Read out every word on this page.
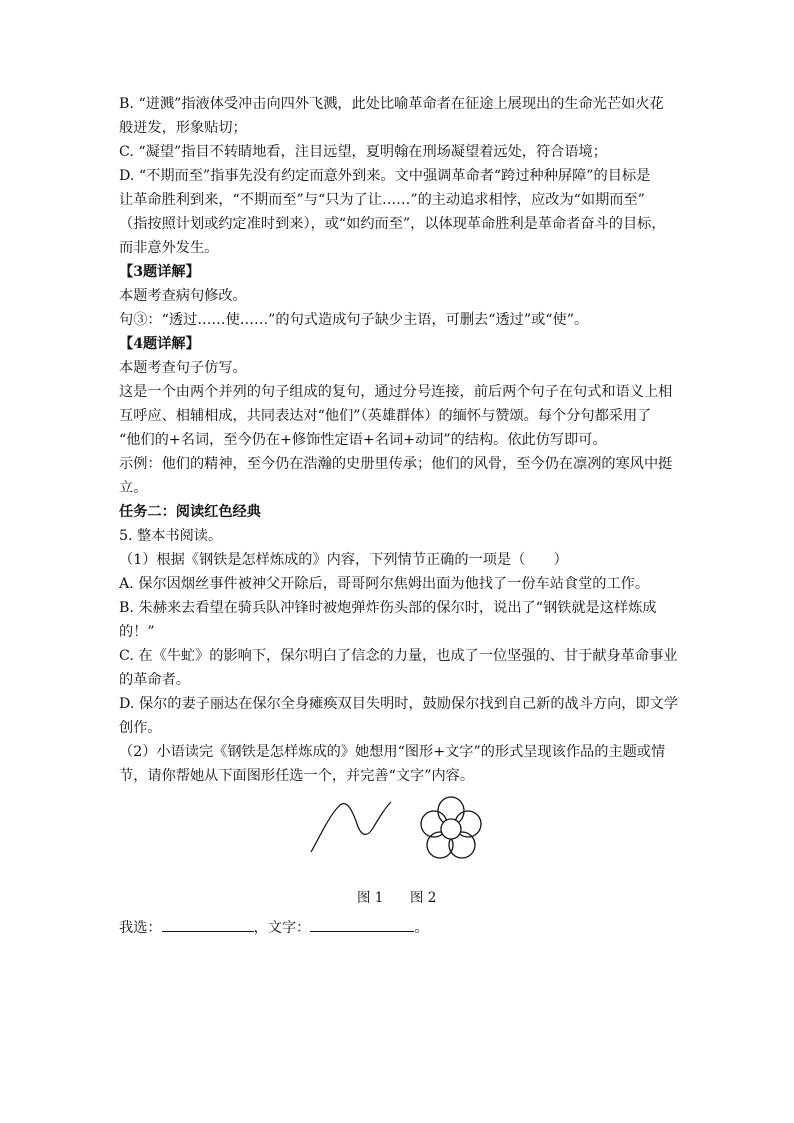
B. “迸溅”指液体受冲击向四外飞溅，此处比喻革命者在征途上展现出的生命光芒如火花
般迸发，形象贴切；
C. “凝望”指目不转睛地看，注目远望，夏明翰在刑场凝望着远处，符合语境；
D. “不期而至”指事先没有约定而意外到来。文中强调革命者“跨过种种屏障”的目标是
让革命胜利到来，“不期而至”与“只为了让……”的主动追求相悖，应改为“如期而至”
（指按照计划或约定准时到来），或“如约而至”，以体现革命胜利是革命者奋斗的目标，
而非意外发生。
【3题详解】
本题考查病句修改。
句③：“透过……使……”的句式造成句子缺少主语，可删去“透过”或“使”。
【4题详解】
本题考查句子仿写。
这是一个由两个并列的句子组成的复句，通过分号连接，前后两个句子在句式和语义上相
互呼应、相辅相成，共同表达对“他们”（英雄群体）的缅怀与赞颂。每个分句都采用了
“他们的+名词，至今仍在+修饰性定语+名词+动词”的结构。依此仿写即可。
示例：他们的精神，至今仍在浩瀚的史册里传承；他们的风骨，至今仍在凛冽的寒风中挺
立。
任务二：阅读红色经典
5. 整本书阅读。
（1）根据《钢铁是怎样炼成的》内容，下列情节正确的一项是（　　）
A. 保尔因烟丝事件被神父开除后，哥哥阿尔焦姆出面为他找了一份车站食堂的工作。
B. 朱赫来去看望在骑兵队冲锋时被炮弹炸伤头部的保尔时，说出了“钢铁就是这样炼成
的！”
C. 在《牛虻》的影响下，保尔明白了信念的力量，也成了一位坚强的、甘于献身革命事业
的革命者。
D. 保尔的妻子丽达在保尔全身瘫痪双目失明时，鼓励保尔找到自己新的战斗方向，即文学
创作。
（2）小语读完《钢铁是怎样炼成的》她想用“图形+文字”的形式呈现该作品的主题或情
节，请你帮她从下面图形任选一个，并完善“文字”内容。
图 1 图 2
我选：	，文字：	。
